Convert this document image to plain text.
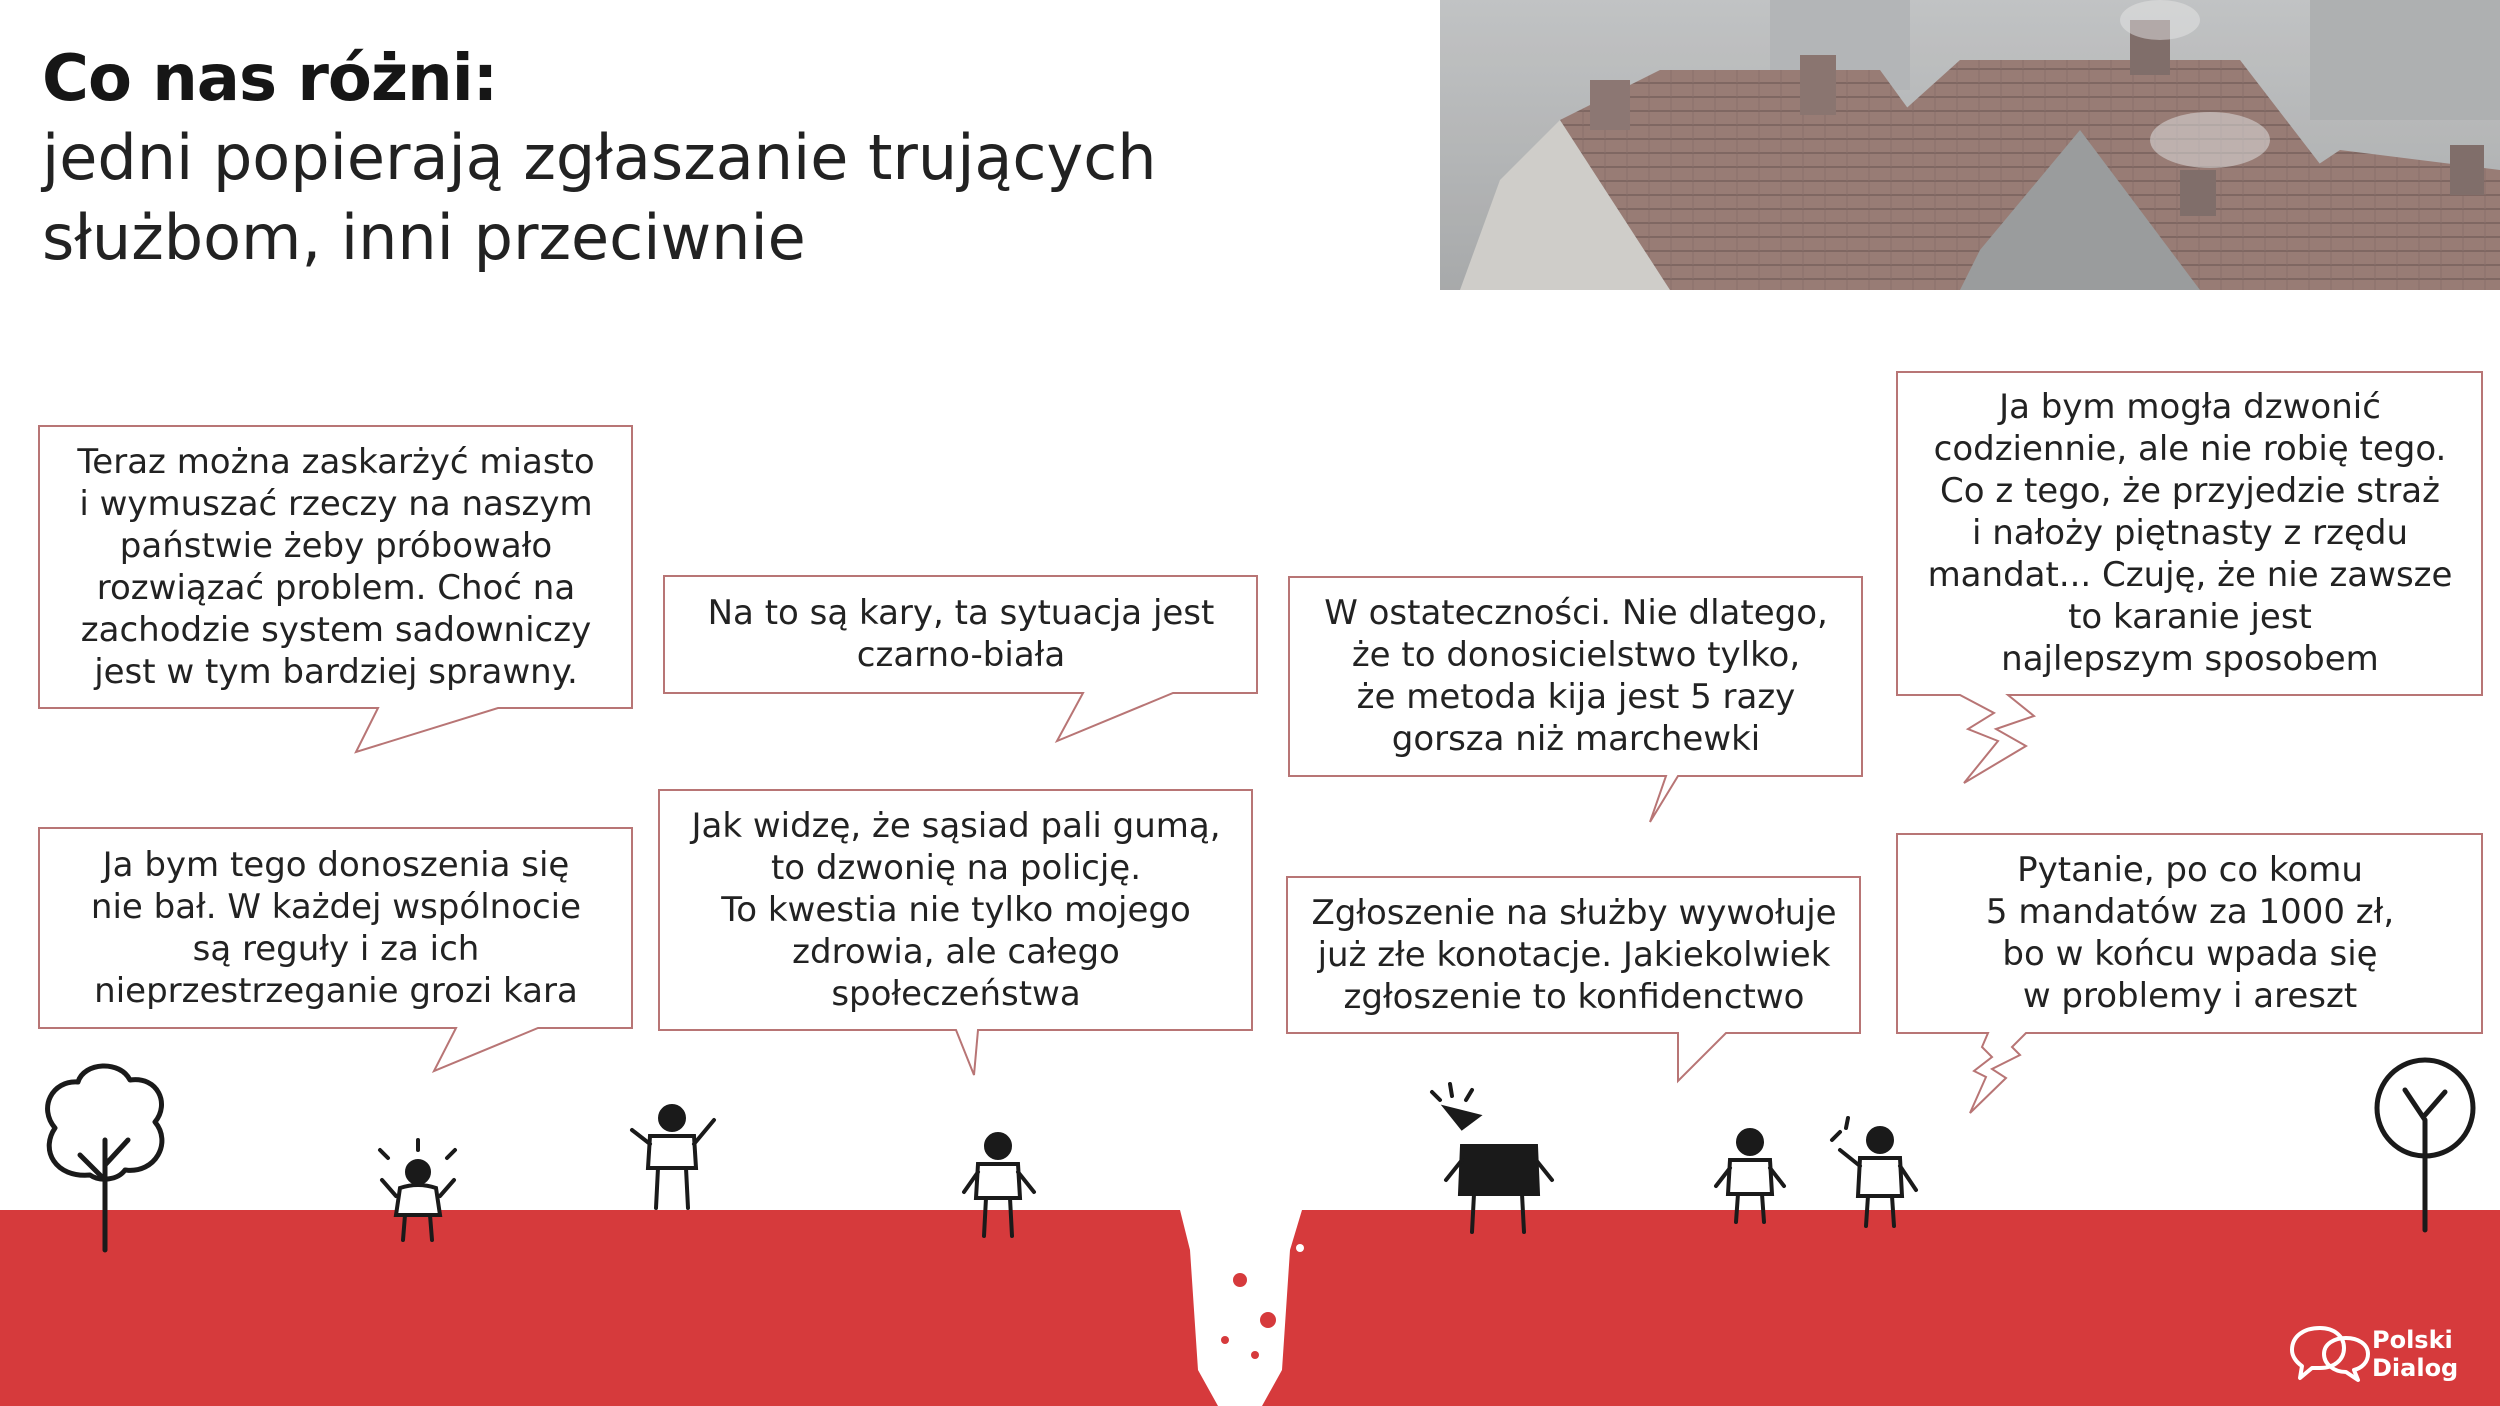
Co nas różni:
jedni popierają zgłaszanie trujących służbom, inni przeciwnie
Teraz można zaskarżyć miasto
i wymuszać rzeczy na naszym
państwie żeby próbowało
rozwiązać problem. Choć na
zachodzie system sadowniczy
jest w tym bardziej sprawny.
Na to są kary, ta sytuacja jest
czarno-biała
W ostateczności. Nie dlatego,
że to donosicielstwo tylko,
że metoda kija jest 5 razy
gorsza niż marchewki
Ja bym mogła dzwonić
codziennie, ale nie robię tego.
Co z tego, że przyjedzie straż
i nałoży piętnasty z rzędu
mandat... Czuję, że nie zawsze
to karanie jest
najlepszym sposobem
Ja bym tego donoszenia się
nie bał. W każdej wspólnocie
są reguły i za ich
nieprzestrzeganie grozi kara
Jak widzę, że sąsiad pali gumą,
to dzwonię na policję.
To kwestia nie tylko mojego
zdrowia, ale całego
społeczeństwa
Zgłoszenie na służby wywołuje
już złe konotacje. Jakiekolwiek
zgłoszenie to konfidenctwo
Pytanie, po co komu
5 mandatów za 1000 zł,
bo w końcu wpada się
w problemy i areszt
Polski
Dialog
